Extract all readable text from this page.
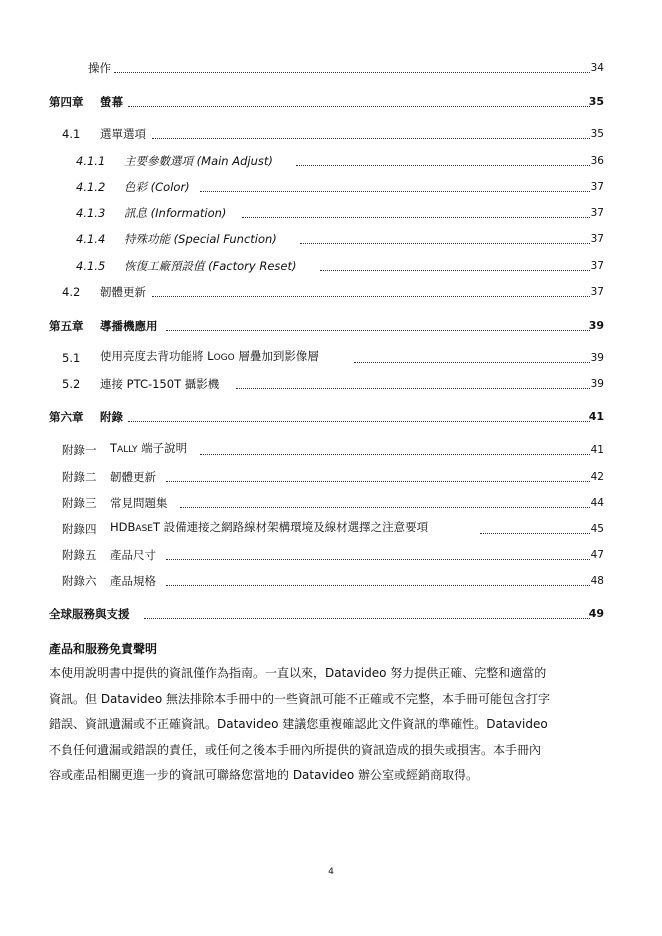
操作	34
第四章 螢幕	35
4.1 選單選項	35
4.1.1 主要參數選項 (Main Adjust)	36
4.1.2 色彩 (Color)	37
4.1.3 訊息 (Information)	37
4.1.4 特殊功能 (Special Function)	37
4.1.5 恢復工廠預設值 (Factory Reset)	37
4.2 韌體更新	37
第五章 導播機應用	39
5.1 使用亮度去背功能將 LOGO 層疊加到影像層	39
5.2 連接 PTC-150T 攝影機	39
第六章 附錄	41
附錄一 TALLY 端子說明	41
附錄二 韌體更新	42
附錄三 常見問題集	44
附錄四 HDBASET 設備連接之網路線材架構環境及線材選擇之注意要項	45
附錄五 產品尺寸	47
附錄六 產品規格	48
全球服務與支援	49
產品和服務免責聲明
本使用說明書中提供的資訊僅作為指南。一直以來，Datavideo 努力提供正確、完整和適當的
資訊。但 Datavideo 無法排除本手冊中的一些資訊可能不正確或不完整，本手冊可能包含打字
錯誤、資訊遺漏或不正確資訊。Datavideo 建議您重複確認此文件資訊的準確性。Datavideo
不負任何遺漏或錯誤的責任，或任何之後本手冊內所提供的資訊造成的損失或損害。本手冊內
容或產品相關更進一步的資訊可聯絡您當地的 Datavideo 辦公室或經銷商取得。
4
